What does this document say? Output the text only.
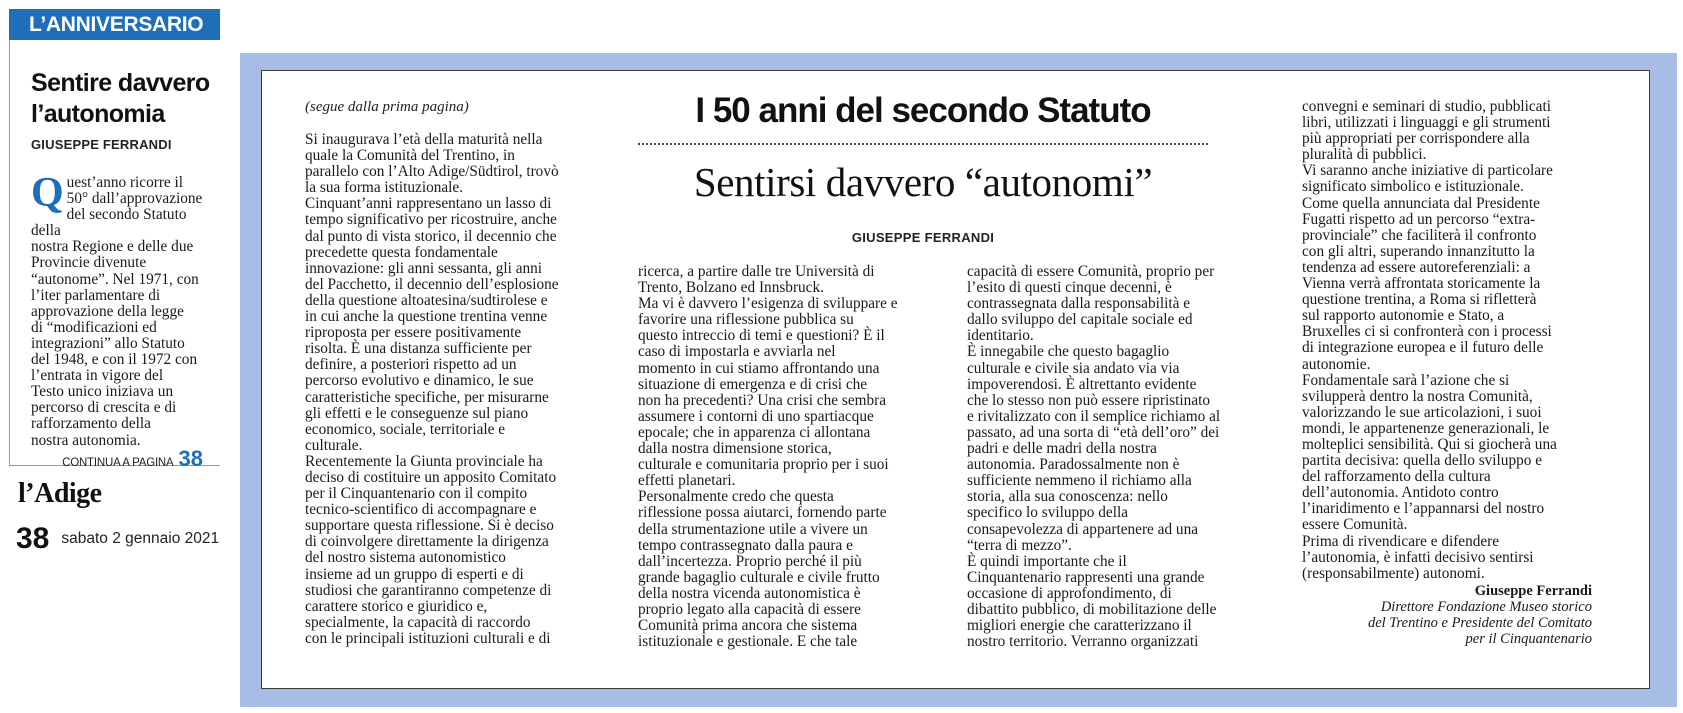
L’ANNIVERSARIO
Sentire davvero
l’autonomia
GIUSEPPE FERRANDI
Q uest’anno ricorre il
50° dall’approvazione
del secondo Statuto della
nostra Regione e delle due
Provincie divenute
“autonome”. Nel 1971, con
l’iter parlamentare di
approvazione della legge
di “modificazioni ed
integrazioni” allo Statuto
del 1948, e con il 1972 con
l’entrata in vigore del
Testo unico iniziava un
percorso di crescita e di
rafforzamento della
nostra autonomia.
CONTINUA A PAGINA 38
l’Adige
38 sabato 2 gennaio 2021
(segue dalla prima pagina)	I 50 anni del secondo Statuto
Sentirsi davvero “autonomi”
GIUSEPPE FERRANDI

Si inaugurava l’età della maturità nella

quale la Comunità del Trentino, in

parallelo con l’Alto Adige/Südtirol, trovò

la sua forma istituzionale.

Cinquant’anni rappresentano un lasso di

tempo significativo per ricostruire, anche

dal punto di vista storico, il decennio che

precedette questa fondamentale

innovazione: gli anni sessanta, gli anni

del Pacchetto, il decennio dell’esplosione

della questione altoatesina/sudtirolese e

in cui anche la questione trentina venne

riproposta per essere positivamente

risolta. È una distanza sufficiente per

definire, a posteriori rispetto ad un

percorso evolutivo e dinamico, le sue

caratteristiche specifiche, per misurarne

gli effetti e le conseguenze sul piano

economico, sociale, territoriale e

culturale.

Recentemente la Giunta provinciale ha

deciso di costituire un apposito Comitato

per il Cinquantenario con il compito

tecnico-scientifico di accompagnare e

supportare questa riflessione. Si è deciso

di coinvolgere direttamente la dirigenza

del nostro sistema autonomistico

insieme ad un gruppo di esperti e di

studiosi che garantiranno competenze di

carattere storico e giuridico e,

specialmente, la capacità di raccordo

con le principali istituzioni culturali e di

ricerca, a partire dalle tre Università di

Trento, Bolzano ed Innsbruck.

Ma vi è davvero l’esigenza di sviluppare e

favorire una riflessione pubblica su

questo intreccio di temi e questioni? È il

caso di impostarla e avviarla nel

momento in cui stiamo affrontando una

situazione di emergenza e di crisi che

non ha precedenti? Una crisi che sembra

assumere i contorni di uno spartiacque

epocale; che in apparenza ci allontana

dalla nostra dimensione storica,

culturale e comunitaria proprio per i suoi

effetti planetari.

Personalmente credo che questa

riflessione possa aiutarci, fornendo parte

della strumentazione utile a vivere un

tempo contrassegnato dalla paura e

dall’incertezza. Proprio perché il più

grande bagaglio culturale e civile frutto

della nostra vicenda autonomistica è

proprio legato alla capacità di essere

Comunità prima ancora che sistema

istituzionale e gestionale. E che tale

capacità di essere Comunità, proprio per

l’esito di questi cinque decenni, è

contrassegnata dalla responsabilità e

dallo sviluppo del capitale sociale ed

identitario.

È innegabile che questo bagaglio

culturale e civile sia andato via via

impoverendosi. È altrettanto evidente

che lo stesso non può essere ripristinato

e rivitalizzato con il semplice richiamo al

passato, ad una sorta di “età dell’oro” dei

padri e delle madri della nostra

autonomia. Paradossalmente non è

sufficiente nemmeno il richiamo alla

storia, alla sua conoscenza: nello

specifico lo sviluppo della

consapevolezza di appartenere ad una

“terra di mezzo”.

È quindi importante che il

Cinquantenario rappresenti una grande

occasione di approfondimento, di

dibattito pubblico, di mobilitazione delle

migliori energie che caratterizzano il

nostro territorio. Verranno organizzati

convegni e seminari di studio, pubblicati

libri, utilizzati i linguaggi e gli strumenti

più appropriati per corrispondere alla

pluralità di pubblici.

Vi saranno anche iniziative di particolare

significato simbolico e istituzionale.

Come quella annunciata dal Presidente

Fugatti rispetto ad un percorso “extra-

provinciale” che faciliterà il confronto

con gli altri, superando innanzitutto la

tendenza ad essere autoreferenziali: a

Vienna verrà affrontata storicamente la

questione trentina, a Roma si rifletterà

sul rapporto autonomie e Stato, a

Bruxelles ci si confronterà con i processi

di integrazione europea e il futuro delle

autonomie.

Fondamentale sarà l’azione che si

svilupperà dentro la nostra Comunità,

valorizzando le sue articolazioni, i suoi

mondi, le appartenenze generazionali, le

molteplici sensibilità. Qui si giocherà una

partita decisiva: quella dello sviluppo e

del rafforzamento della cultura

dell’autonomia. Antidoto contro

l’inaridimento e l’appannarsi del nostro

essere Comunità.

Prima di rivendicare e difendere

l’autonomia, è infatti decisivo sentirsi

(responsabilmente) autonomi.

Giuseppe Ferrandi
Direttore Fondazione Museo storico
del Trentino e Presidente del Comitato
per il Cinquantenario
